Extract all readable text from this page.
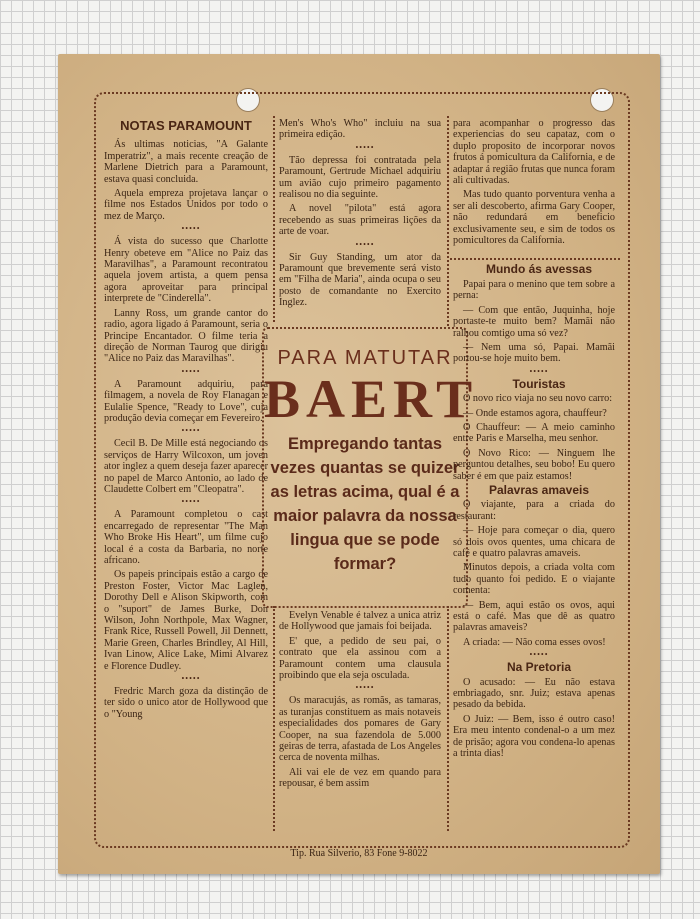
NOTAS PARAMOUNT

Ás ultimas noticias, "A Galante Imperatriz", a mais recente creação de Marlene Dietrich para a Paramount, estava quasi concluida.

Aquela empreza projetava lançar o filme nos Estados Unidos por todo o mez de Março.

•••••

Á vista do sucesso que Charlotte Henry obeteve em "Alice no Paiz das Maravilhas", a Paramount recontratou aquela jovem artista, a quem pensa agora aproveitar para principal interprete de "Cinderella".

Lanny Ross, um grande cantor do radio, agora ligado á Paramount, seria o Principe Encantador. O filme teria a direção de Norman Taurog que dirigiu "Alice no Paiz das Maravilhas".

•••••

A Paramount adquiriu, para filmagem, a novela de Roy Flanagan e Eulalie Spence, "Ready to Love", cuja produção devia começar em Fevereiro.

•••••

Cecil B. De Mille está negociando os serviços de Harry Wilcoxon, um joven ator inglez a quem deseja fazer aparecer no papel de Marco Antonio, ao lado de Claudette Colbert em "Cleopatra".

•••••

A Paramount completou o cast encarregado de representar "The Man Who Broke His Heart", um filme cujo local é a costa da Barbaria, no norte africano.

Os papeis principais estão a cargo de Preston Foster, Victor Mac Laglen, Dorothy Dell e Alison Skipworth, com o "suport" de James Burke, Don Wilson, John Northpole, Max Wagner, Frank Rice, Russell Powell, Jil Dennett, Marie Green, Charles Brindley, Al Hill, Ivan Linow, Alice Lake, Mimi Alvarez e Florence Dudley.

•••••

Fredric March goza da distinção de ter sido o unico ator de Hollywood que o "Young

Men's Who's Who" incluiu na sua primeira edição.

•••••

Tão depressa foi contratada pela Paramount, Gertrude Michael adquiriu um avião cujo primeiro pagamento realisou no dia seguinte.

A novel "pilota" está agora recebendo as suas primeiras lições da arte de voar.

•••••

Sir Guy Standing, um ator da Paramount que brevemente será visto em "Filha de Maria", ainda ocupa o seu posto de comandante no Exercito Inglez.

PARA MATUTAR
BAERT
Empregando tantas vezes quantas se quizer as letras acima, qual é a maior palavra da nossa lingua que se pode formar?

Evelyn Venable é talvez a unica atriz de Hollywood que jamais foi beijada.

E' que, a pedido de seu pai, o contrato que ela assinou com a Paramount contem uma clausula proibindo que ela seja osculada.

•••••

Os maracujás, as romãs, as tamaras, as turanjas constituem as mais notaveis especialidades dos pomares de Gary Cooper, na sua fazendola de 5.000 geiras de terra, afastada de Los Angeles cerca de noventa milhas.

Ali vai ele de vez em quando para repousar, é bem assim

para acompanhar o progresso das experiencias do seu capataz, com o duplo proposito de incorporar novos frutos á pomicultura da California, e de adaptar á região frutas que nunca foram ali cultivadas.

Mas tudo quanto porventura venha a ser ali descoberto, afirma Gary Cooper, não redundará em beneficio exclusivamente seu, e sim de todos os pomicultores da California.

Mundo ás avessas

Papai para o menino que tem sobre a perna:

— Com que então, Juquinha, hoje portaste-te muito bem? Mamãi não ralhou comtigo uma só vez?

— Nem uma só, Papai. Mamãi portou-se hoje muito bem.

•••••

Touristas

O novo rico viaja no seu novo carro:

— Onde estamos agora, chauffeur?

O Chauffeur: — A meio caminho entre Paris e Marselha, meu senhor.

O Novo Rico: — Ninguem lhe perguntou detalhes, seu bobo! Eu quero saber é em que paiz estamos!

Palavras amaveis

O viajante, para a criada do restaurant:

— Hoje para começar o dia, quero só dois ovos quentes, uma chicara de café e quatro palavras amaveis.

Minutos depois, a criada volta com tudo quanto foi pedido. E o viajante comenta:

— Bem, aqui estão os ovos, aqui está o café. Mas que dê as quatro palavras amaveis?

A criada: — Não coma esses ovos!

•••••

Na Pretoria

O acusado: — Eu não estava embriagado, snr. Juiz; estava apenas pesado da bebida.

O Juiz: — Bem, isso é outro caso! Era meu intento condenal-o a um mez de prisão; agora vou condena-lo apenas a trinta dias!

Tip. Rua Silverio, 83 Fone 9-8022
